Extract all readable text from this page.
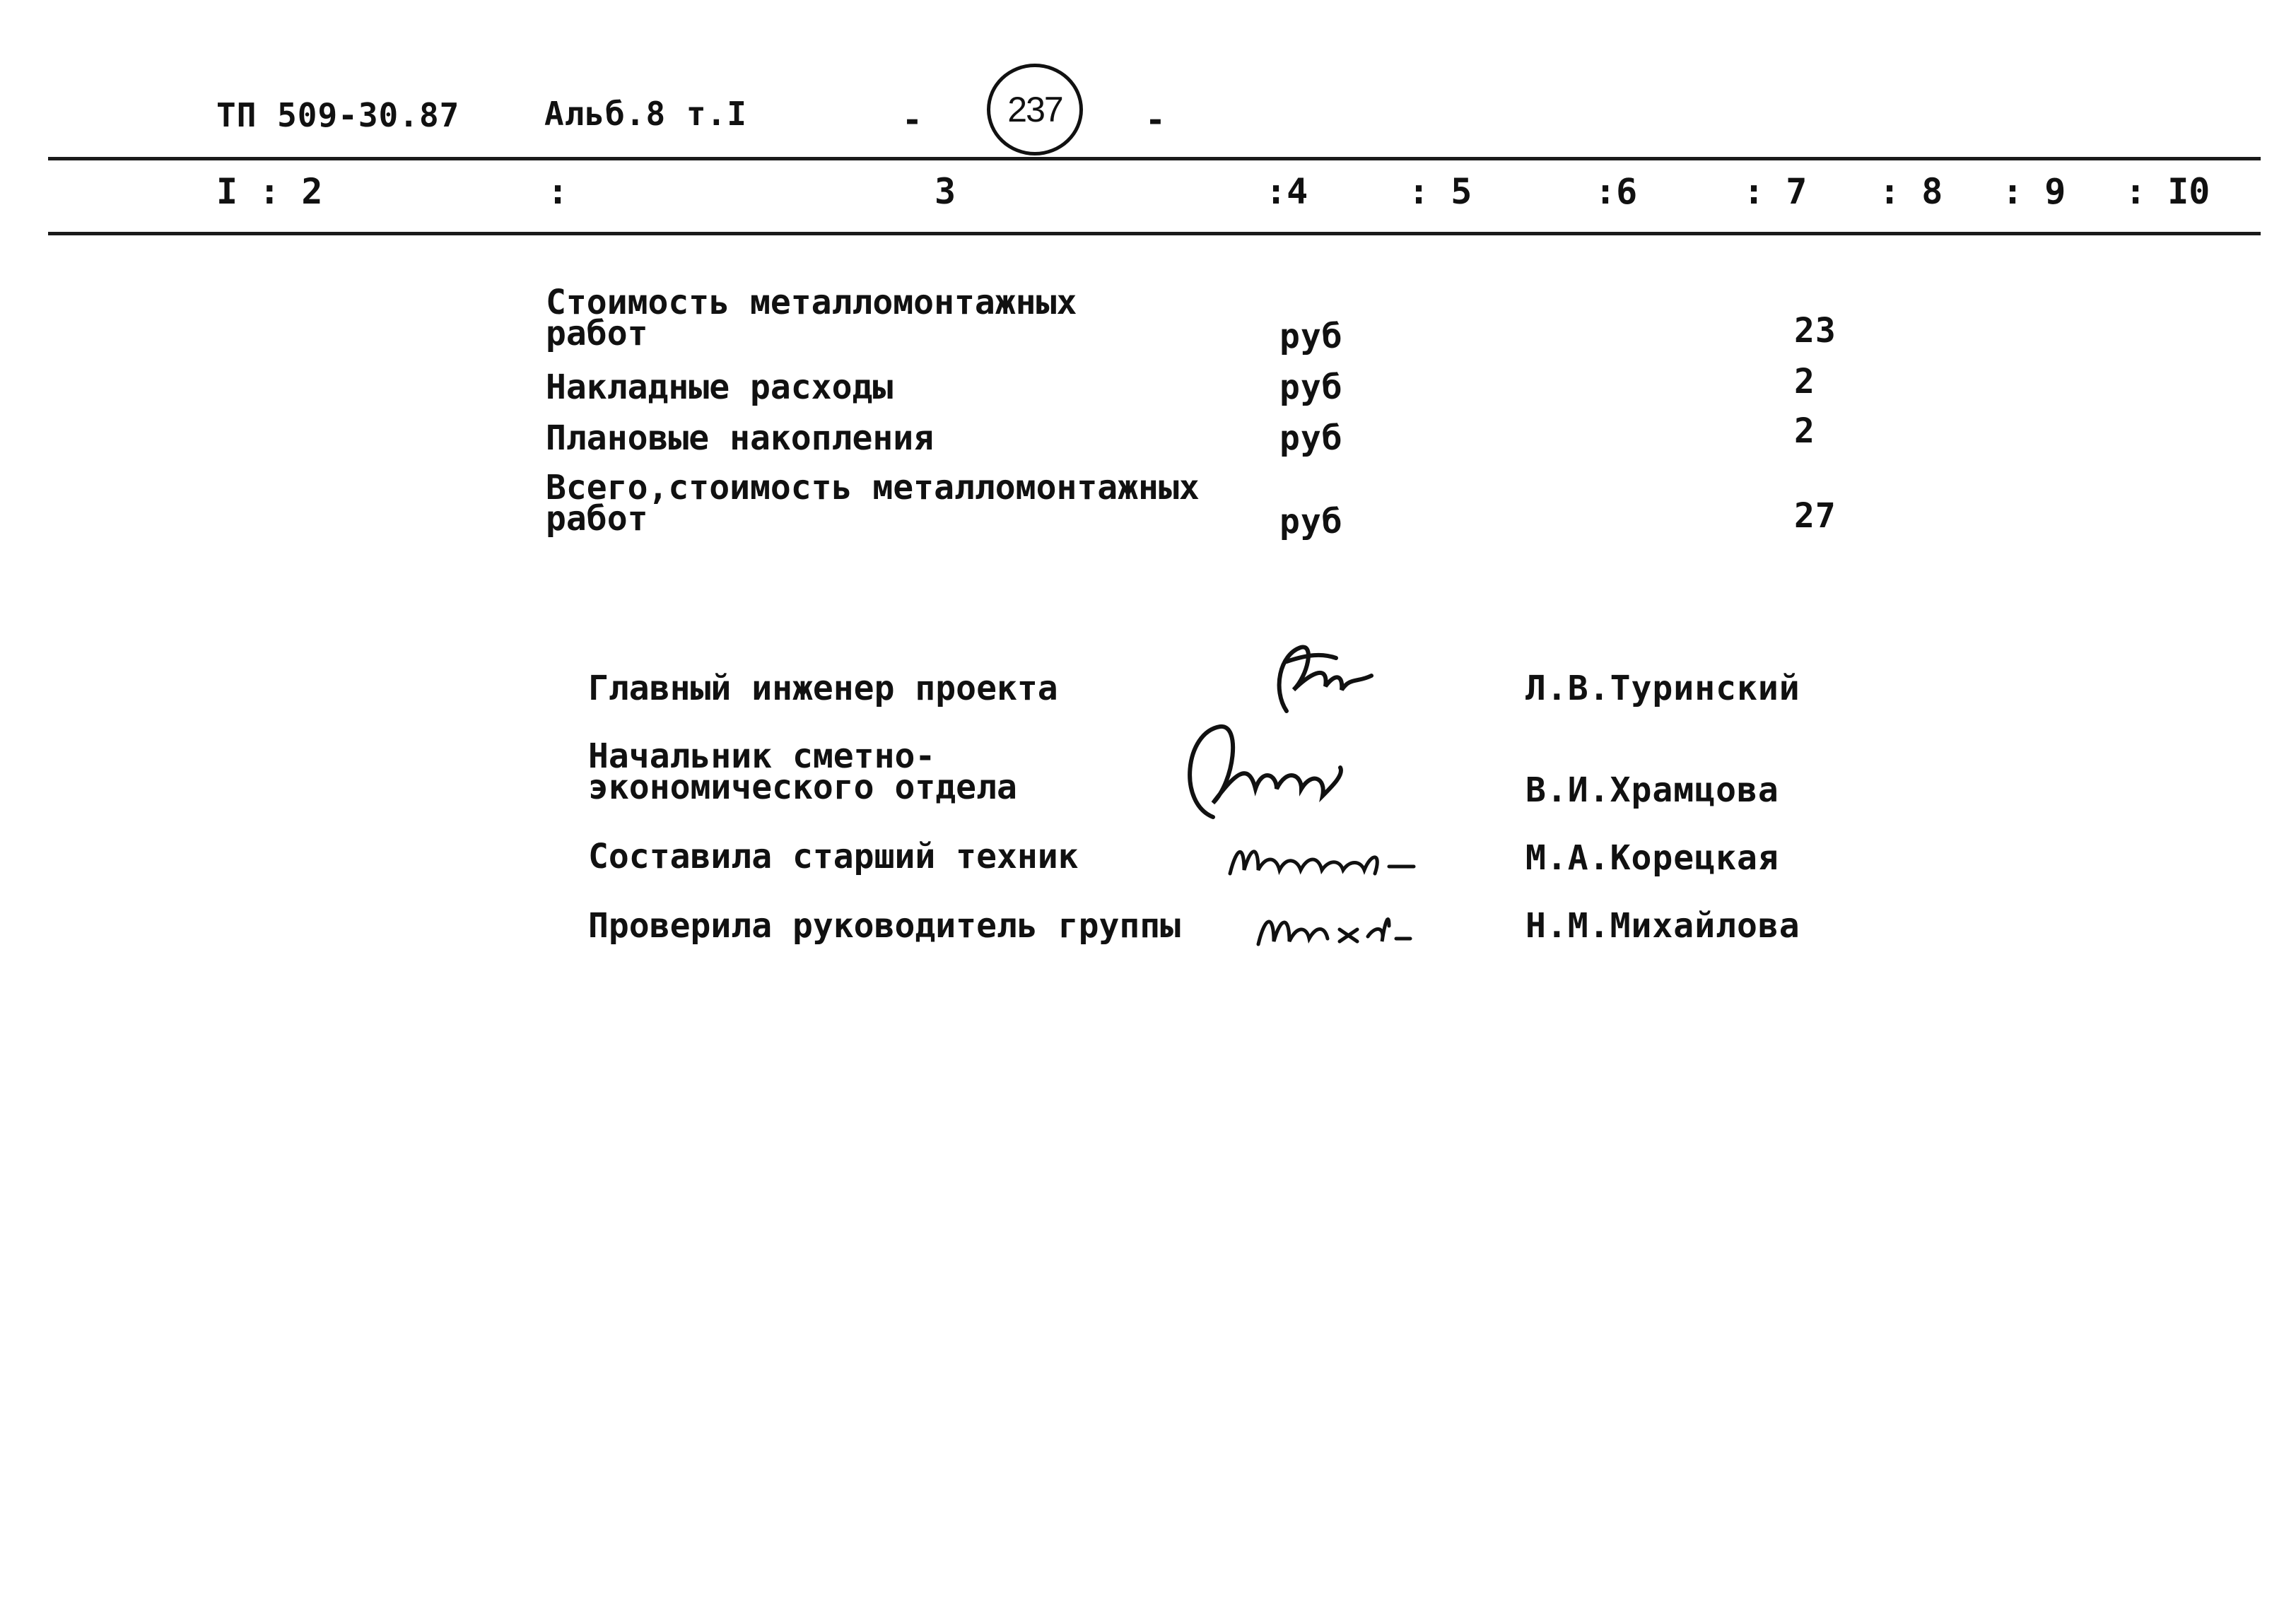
ТП 509-30.87	Альб.8 т.I	- 237 -
I : 2	:	3	:4	: 5	:6	: 7 : 8 : 9 : I0
Стоимость металломонтажных
работ	руб	23
Накладные расходы	руб	2
Плановые накопления	руб	2
Всего,стоимость металломонтажных
работ	руб	27
Главный инженер проекта	Л.В.Туринский
Начальник сметно-
экономического отдела	В.И.Храмцова
Составила старший техник	М.А.Корецкая
Проверила руководитель группы	Н.М.Михайлова
